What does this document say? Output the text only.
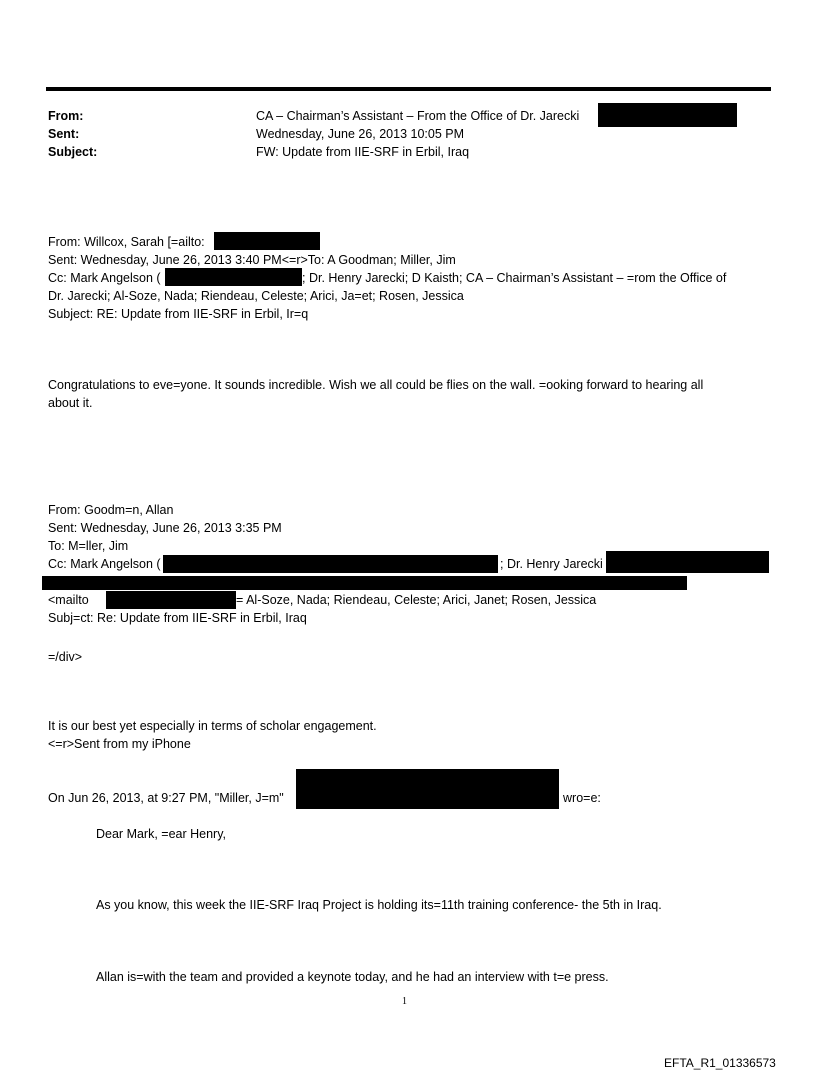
From:	CA – Chairman’s Assistant – From the Office of Dr. Jarecki
Sent:	Wednesday, June 26, 2013 10:05 PM
Subject:	FW: Update from IIE-SRF in Erbil, Iraq
From: Willcox, Sarah [=ailto:
Sent: Wednesday, June 26, 2013 3:40 PM<=r>To: A Goodman; Miller, Jim
Cc: Mark Angelson (	; Dr. Henry Jarecki; D Kaisth; CA – Chairman’s Assistant – =rom the Office of
Dr. Jarecki; Al-Soze, Nada; Riendeau, Celeste; Arici, Ja=et; Rosen, Jessica
Subject: RE: Update from IIE-SRF in Erbil, Ir=q
Congratulations to eve=yone. It sounds incredible. Wish we all could be flies on the wall. =ooking forward to hearing all
about it.
From: Goodm=n, Allan
Sent: Wednesday, June 26, 2013 3:35 PM
To: M=ller, Jim
Cc: Mark Angelson (	; Dr. Henry Jarecki
<mailto	= Al-Soze, Nada; Riendeau, Celeste; Arici, Janet; Rosen, Jessica
Subj=ct: Re: Update from IIE-SRF in Erbil, Iraq
=/div>
It is our best yet especially in terms of scholar engagement.
<=r>Sent from my iPhone
On Jun 26, 2013, at 9:27 PM, "Miller, J=m"	wro=e:
Dear Mark, =ear Henry,
As you know, this week the IIE-SRF Iraq Project is holding its=11th training conference- the 5th in Iraq.
Allan is=with the team and provided a keynote today, and he had an interview with t=e press.
1
EFTA_R1_01336573
